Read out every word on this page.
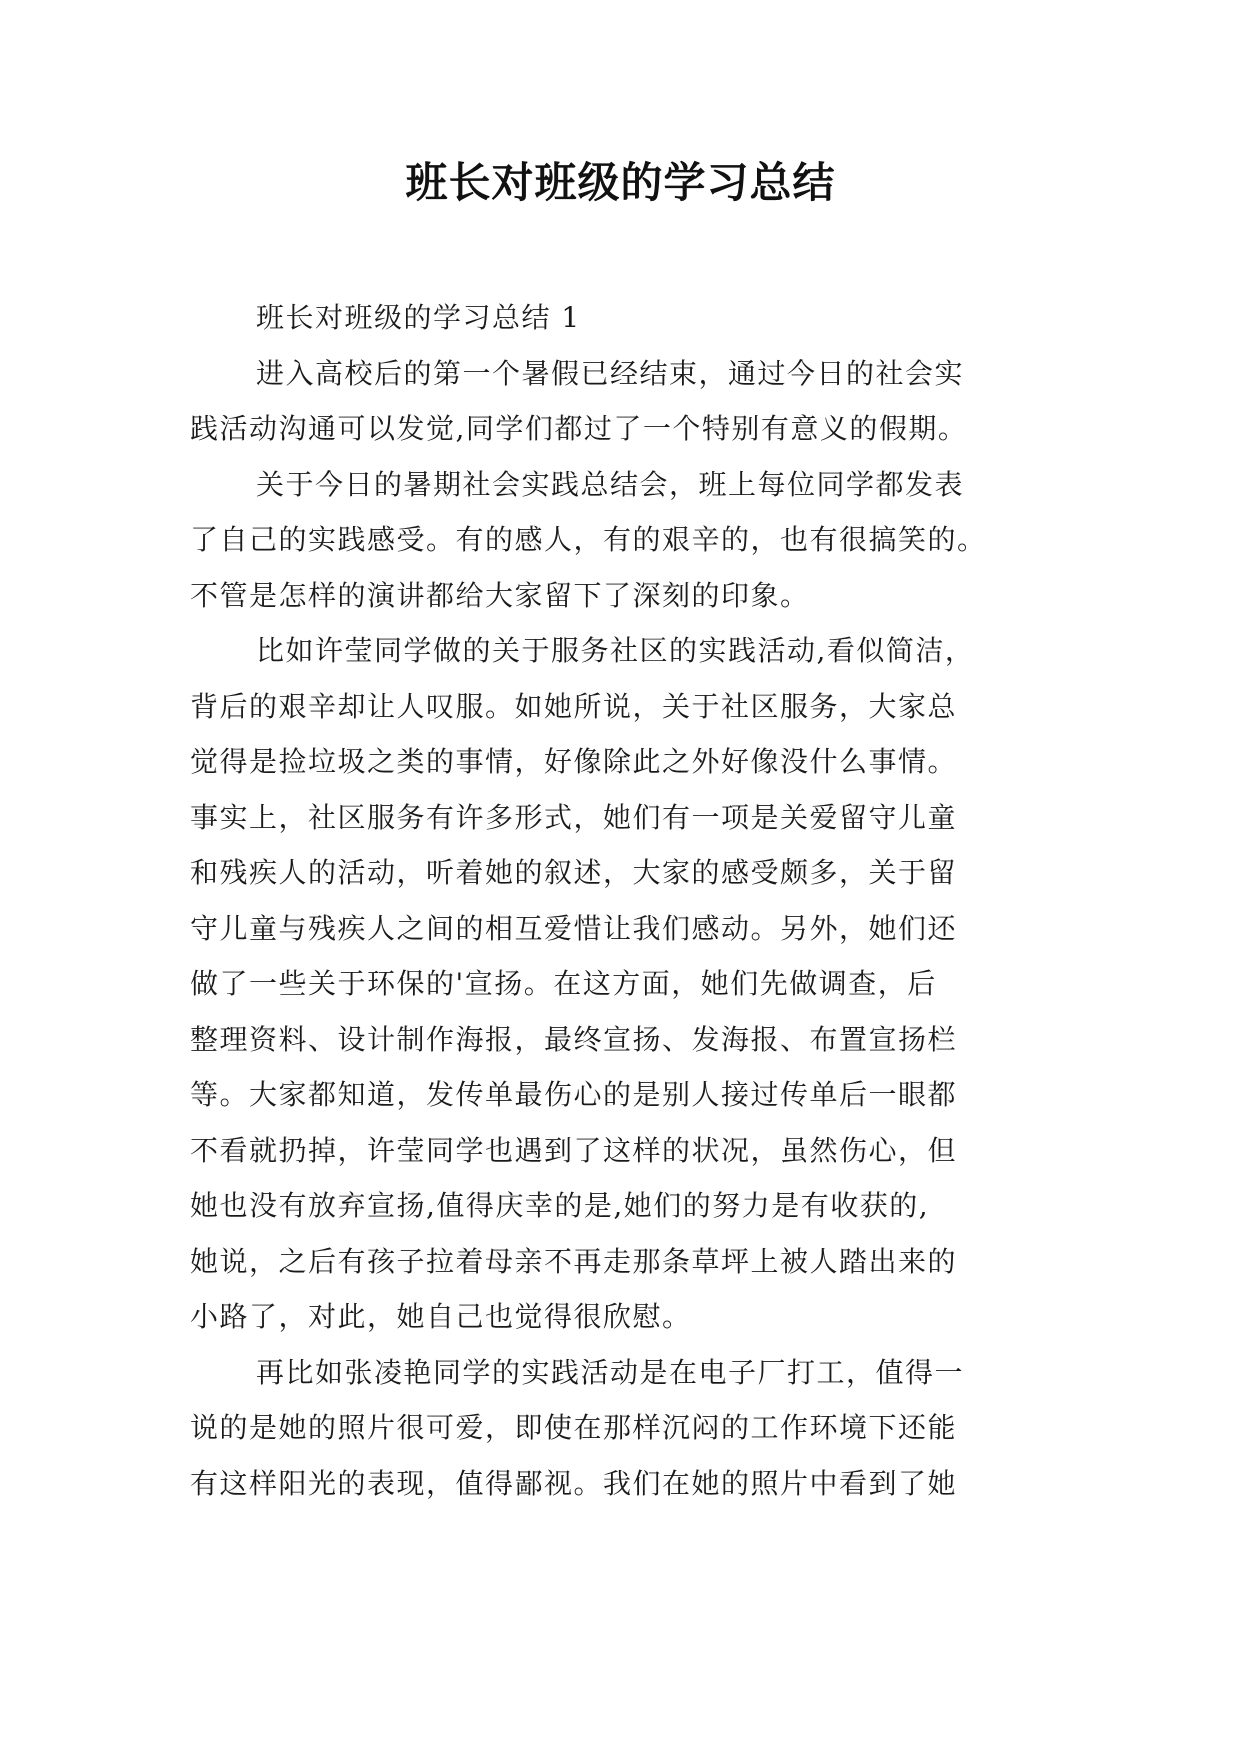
班长对班级的学习总结
班长对班级的学习总结 1
进入高校后的第一个暑假已经结束，通过今日的社会实
践活动沟通可以发觉,同学们都过了一个特别有意义的假期。
关于今日的暑期社会实践总结会，班上每位同学都发表
了自己的实践感受。有的感人，有的艰辛的，也有很搞笑的。
不管是怎样的演讲都给大家留下了深刻的印象。
比如许莹同学做的关于服务社区的实践活动,看似简洁，
背后的艰辛却让人叹服。如她所说，关于社区服务，大家总
觉得是捡垃圾之类的事情，好像除此之外好像没什么事情。
事实上，社区服务有许多形式，她们有一项是关爱留守儿童
和残疾人的活动，听着她的叙述，大家的感受颇多，关于留
守儿童与残疾人之间的相互爱惜让我们感动。另外，她们还
做了一些关于环保的'宣扬。在这方面，她们先做调查，后
整理资料、设计制作海报，最终宣扬、发海报、布置宣扬栏
等。大家都知道，发传单最伤心的是别人接过传单后一眼都
不看就扔掉，许莹同学也遇到了这样的状况，虽然伤心，但
她也没有放弃宣扬,值得庆幸的是,她们的努力是有收获的,
她说，之后有孩子拉着母亲不再走那条草坪上被人踏出来的
小路了，对此，她自己也觉得很欣慰。
再比如张凌艳同学的实践活动是在电子厂打工，值得一
说的是她的照片很可爱，即使在那样沉闷的工作环境下还能
有这样阳光的表现，值得鄙视。我们在她的照片中看到了她
